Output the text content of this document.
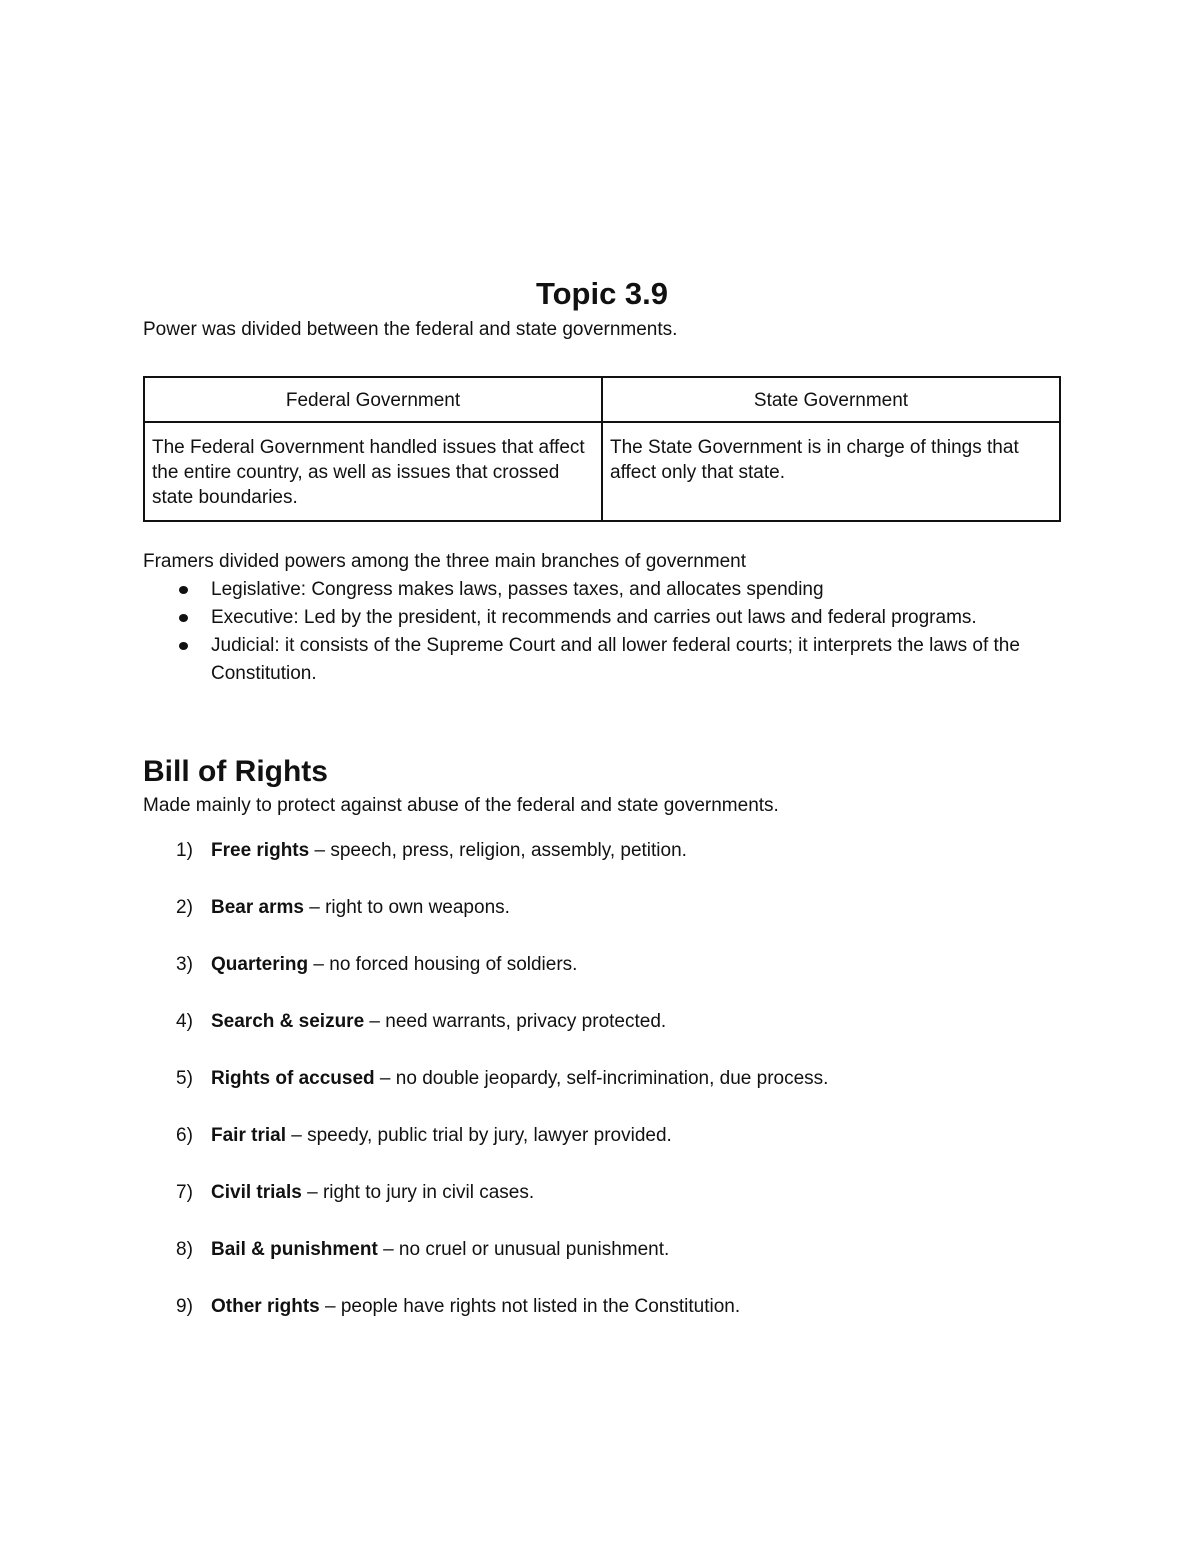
Topic 3.9

Power was divided between the federal and state governments.

Federal Government	State Government
The Federal Government handled issues that affect the entire country, as well as issues that crossed state boundaries.	The State Government is in charge of things that affect only that state.

Framers divided powers among the three main branches of government

Legislative: Congress makes laws, passes taxes, and allocates spending
Executive: Led by the president, it recommends and carries out laws and federal programs.
Judicial: it consists of the Supreme Court and all lower federal courts; it interprets the laws of the Constitution.
Bill of Rights

Made mainly to protect against abuse of the federal and state governments.

1) Free rights – speech, press, religion, assembly, petition.
2) Bear arms – right to own weapons.
3) Quartering – no forced housing of soldiers.
4) Search & seizure – need warrants, privacy protected.
5) Rights of accused – no double jeopardy, self-incrimination, due process.
6) Fair trial – speedy, public trial by jury, lawyer provided.
7) Civil trials – right to jury in civil cases.
8) Bail & punishment – no cruel or unusual punishment.
9) Other rights – people have rights not listed in the Constitution.
